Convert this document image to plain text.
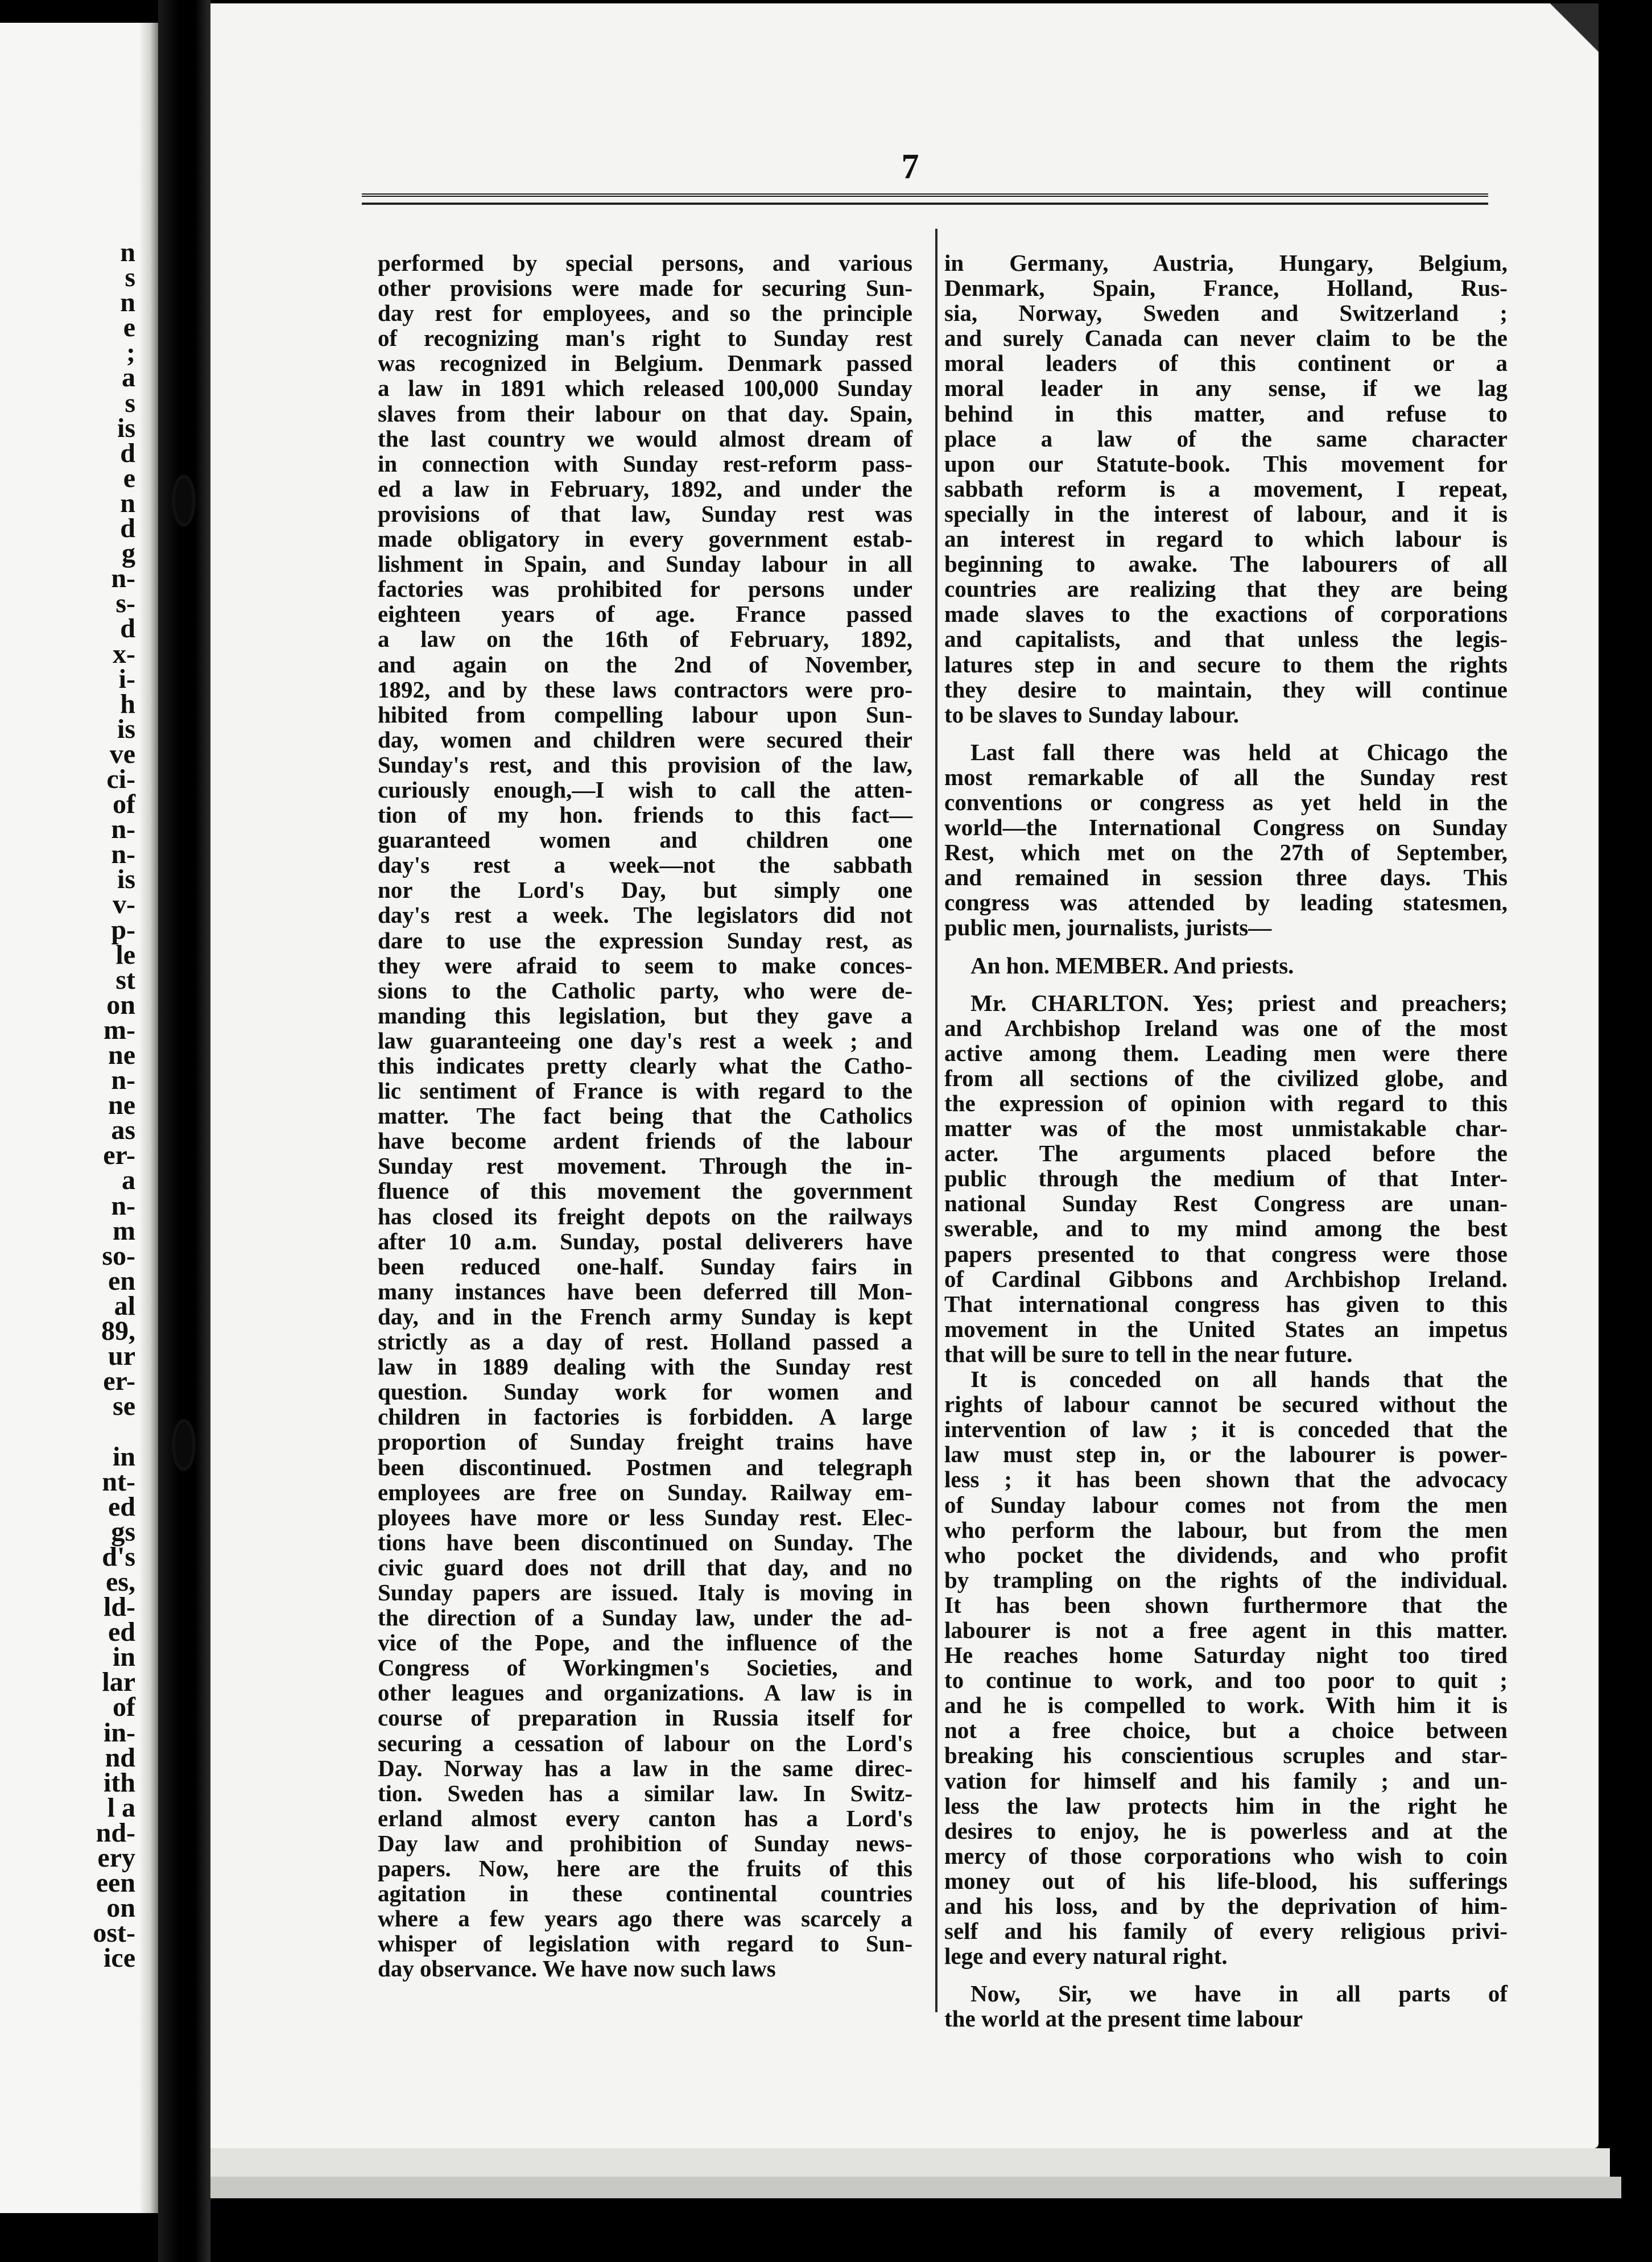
n
s
n
e
;
a
s
is
d
e
n
d
g
n-
s-
d
x-
i-
h
is
ve
ci-
of
n-
n-
is
v-
p-
le
st
on
m-
ne
n-
ne
as
er-
a
n-
m
so-
en
al
89,
ur
er-
se

in
nt-
ed
gs
d's
es,
ld-
ed
in
lar
of
in-
nd
ith
l a
nd-
ery
een
on
ost-
ice
7
performed by special persons, and various
other provisions were made for securing Sun-
day rest for employees, and so the principle
of recognizing man's right to Sunday rest
was recognized in Belgium. Denmark passed
a law in 1891 which released 100,000 Sunday
slaves from their labour on that day. Spain,
the last country we would almost dream of
in connection with Sunday rest-reform pass-
ed a law in February, 1892, and under the
provisions of that law, Sunday rest was
made obligatory in every government estab-
lishment in Spain, and Sunday labour in all
factories was prohibited for persons under
eighteen years of age. France passed
a law on the 16th of February, 1892,
and again on the 2nd of November,
1892, and by these laws contractors were pro-
hibited from compelling labour upon Sun-
day, women and children were secured their
Sunday's rest, and this provision of the law,
curiously enough,—I wish to call the atten-
tion of my hon. friends to this fact—
guaranteed women and children one
day's rest a week—not the sabbath
nor the Lord's Day, but simply one
day's rest a week. The legislators did not
dare to use the expression Sunday rest, as
they were afraid to seem to make conces-
sions to the Catholic party, who were de-
manding this legislation, but they gave a
law guaranteeing one day's rest a week ; and
this indicates pretty clearly what the Catho-
lic sentiment of France is with regard to the
matter. The fact being that the Catholics
have become ardent friends of the labour
Sunday rest movement. Through the in-
fluence of this movement the government
has closed its freight depots on the railways
after 10 a.m. Sunday, postal deliverers have
been reduced one-half. Sunday fairs in
many instances have been deferred till Mon-
day, and in the French army Sunday is kept
strictly as a day of rest. Holland passed a
law in 1889 dealing with the Sunday rest
question. Sunday work for women and
children in factories is forbidden. A large
proportion of Sunday freight trains have
been discontinued. Postmen and telegraph
employees are free on Sunday. Railway em-
ployees have more or less Sunday rest. Elec-
tions have been discontinued on Sunday. The
civic guard does not drill that day, and no
Sunday papers are issued. Italy is moving in
the direction of a Sunday law, under the ad-
vice of the Pope, and the influence of the
Congress of Workingmen's Societies, and
other leagues and organizations. A law is in
course of preparation in Russia itself for
securing a cessation of labour on the Lord's
Day. Norway has a law in the same direc-
tion. Sweden has a similar law. In Switz-
erland almost every canton has a Lord's
Day law and prohibition of Sunday news-
papers. Now, here are the fruits of this
agitation in these continental countries
where a few years ago there was scarcely a
whisper of legislation with regard to Sun-
day observance. We have now such laws
in Germany, Austria, Hungary, Belgium,
Denmark, Spain, France, Holland, Rus-
sia, Norway, Sweden and Switzerland ;
and surely Canada can never claim to be the
moral leaders of this continent or a
moral leader in any sense, if we lag
behind in this matter, and refuse to
place a law of the same character
upon our Statute-book. This movement for
sabbath reform is a movement, I repeat,
specially in the interest of labour, and it is
an interest in regard to which labour is
beginning to awake. The labourers of all
countries are realizing that they are being
made slaves to the exactions of corporations
and capitalists, and that unless the legis-
latures step in and secure to them the rights
they desire to maintain, they will continue
to be slaves to Sunday labour.
Last fall there was held at Chicago the
most remarkable of all the Sunday rest
conventions or congress as yet held in the
world—the International Congress on Sunday
Rest, which met on the 27th of September,
and remained in session three days. This
congress was attended by leading statesmen,
public men, journalists, jurists—
An hon. MEMBER. And priests.
Mr. CHARLTON. Yes; priest and preachers;
and Archbishop Ireland was one of the most
active among them. Leading men were there
from all sections of the civilized globe, and
the expression of opinion with regard to this
matter was of the most unmistakable char-
acter. The arguments placed before the
public through the medium of that Inter-
national Sunday Rest Congress are unan-
swerable, and to my mind among the best
papers presented to that congress were those
of Cardinal Gibbons and Archbishop Ireland.
That international congress has given to this
movement in the United States an impetus
that will be sure to tell in the near future.
It is conceded on all hands that the
rights of labour cannot be secured without the
intervention of law ; it is conceded that the
law must step in, or the labourer is power-
less ; it has been shown that the advocacy
of Sunday labour comes not from the men
who perform the labour, but from the men
who pocket the dividends, and who profit
by trampling on the rights of the individual.
It has been shown furthermore that the
labourer is not a free agent in this matter.
He reaches home Saturday night too tired
to continue to work, and too poor to quit ;
and he is compelled to work. With him it is
not a free choice, but a choice between
breaking his conscientious scruples and star-
vation for himself and his family ; and un-
less the law protects him in the right he
desires to enjoy, he is powerless and at the
mercy of those corporations who wish to coin
money out of his life-blood, his sufferings
and his loss, and by the deprivation of him-
self and his family of every religious privi-
lege and every natural right.
Now, Sir, we have in all parts of
the world at the present time labour
